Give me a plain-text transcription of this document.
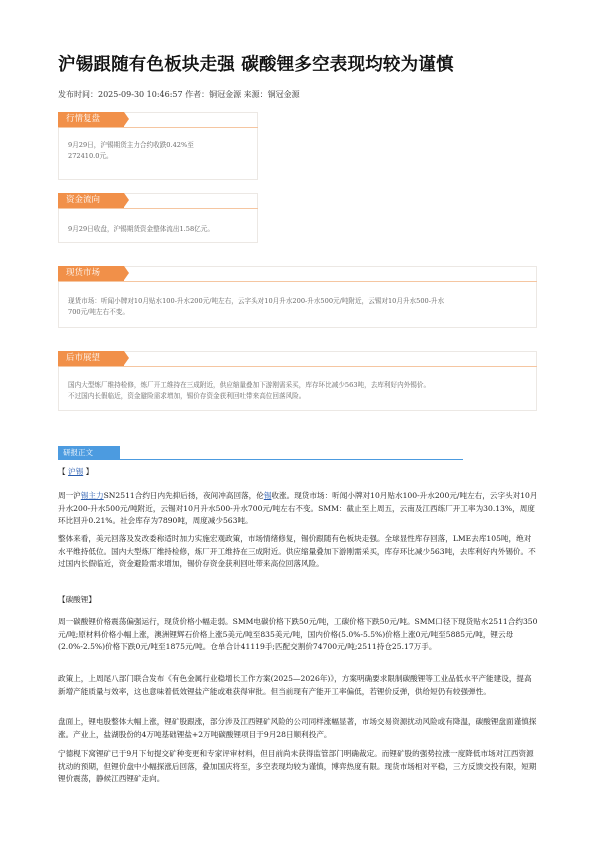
沪锡跟随有色板块走强 碳酸锂多空表现均较为谨慎
发布时间：2025-09-30 10:46:57 作者：铜冠金源 来源：铜冠金源
行情复盘
9月29日，沪锡期货主力合约收跌0.42%至
272410.0元。
资金流向
9月29日收盘，沪锡期货资金整体流出1.58亿元。
现货市场
现货市场：听闻小牌对10月贴水100-升水200元/吨左右，云字头对10月升水200-升水500元/吨附近，云锡对10月升水500-升水
700元/吨左右不变。
后市展望
国内大型炼厂维持检修，炼厂开工维持在三成附近，供应缩量叠加下游刚需采买，库存环比减少563吨，去库利好内外锡价。
不过国内长假临近，资金避险需求增加，锡价存资金获利回吐带来高位回落风险。
研报正文
【 沪锡 】
周一沪锡主力SN2511合约日内先抑后扬，夜间冲高回落，伦锡收涨。现货市场：听闻小牌对10月贴水100-升水200元/吨左右，云字头对10月升水200-升水500元/吨附近，云锡对10月升水500-升水700元/吨左右不变。SMM：截止至上周五，云南及江西练厂开工率为30.13%，周度环比回升0.21%。社会库存为7890吨，周度减少563吨。
整体来看，美元回落及发改委称适时加力实施宏观政策，市场情绪修复，锡价跟随有色板块走强。全球显性库存回落，LME去库105吨，绝对水平维持低位。国内大型炼厂维持检修，炼厂开工维持在三成附近。供应缩量叠加下游刚需采买，库存环比减少563吨，去库利好内外锡价。不过国内长假临近，资金避险需求增加，锡价存资金获利回吐带来高位回落风险。
【碳酸锂】
周一碳酸锂价格震荡偏强运行，现货价格小幅走弱。SMM电碳价格下跌50元/吨，工碳价格下跌50元/吨。SMM口径下现货贴水2511合约350元/吨;原材料价格小幅上涨，澳洲锂辉石价格上涨5美元/吨至835美元/吨，国内价格(5.0%-5.5%)价格上涨0元/吨至5885元/吨，锂云母(2.0%-2.5%)价格下跌0元/吨至1875元/吨。仓单合计41119手;匹配交割价74700元/吨;2511持仓25.17万手。
政策上，上周尾八部门联合发布《有色金属行业稳增长工作方案(2025—2026年)》，方案明确要求限制碳酸锂等工业品低水平产能建设，提高新增产能质量与效率，这也意味着低效锂盐产能或难获得审批。但当前现有产能开工率偏低，若锂价反弹，供给短仍有较强弹性。
盘面上，锂电股整体大幅上涨，锂矿股跟涨，部分涉及江西锂矿风险的公司同样涨幅显著，市场交易资源扰动风险或有降温，碳酸锂盘面谨慎探涨。产业上，盐湖股份的4万吨基础锂盐+2万吨碳酸锂项目于9月28日顺利投产。
宁德枧下窝锂矿已于9月下旬提交矿种变更和专家评审材料，但目前尚未获得监管部门明确裁定。而锂矿股的强势拉涨一度降低市场对江西资源扰动的预期，但锂价盘中小幅探涨后回落，叠加国庆将至，多空表现均较为谨慎，博弈热度有限。现货市场相对平稳，三方反馈交投有限，短期锂价震荡，静候江西锂矿走向。
